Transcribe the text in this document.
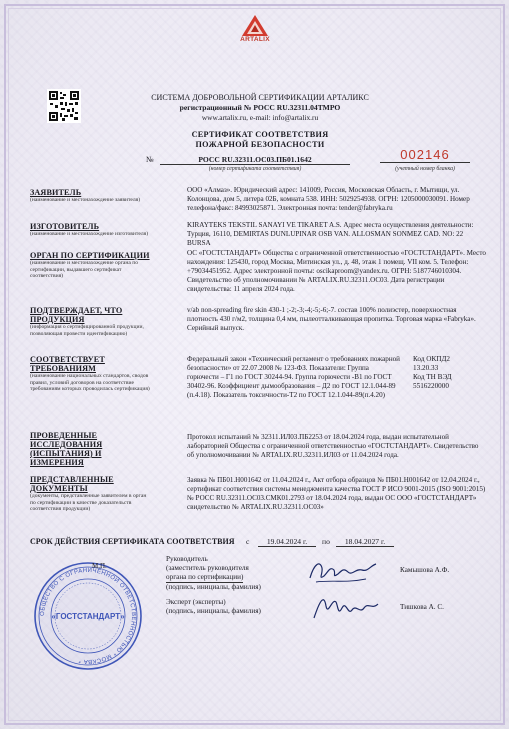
ARTALIX
СИСТЕМА ДОБРОВОЛЬНОЙ СЕРТИФИКАЦИИ АРТАЛИКС
регистрационный № РОСС RU.32311.04ТМРО
www.artalix.ru, e-mail: info@artalix.ru
СЕРТИФИКАТ СООТВЕТСТВИЯ
ПОЖАРНОЙ БЕЗОПАСНОСТИ
№	РОСС RU.32311.ОС03.ПБ01.1642
(номер сертификата соответствия)
002146
(учетный номер бланка)
ЗАЯВИТЕЛЬ
(наименование и местонахождение заявителя)
ООО «Алмаз». Юридический адрес: 141009, Россия, Московская Область, г. Мытищи, ул. Колонцова, дом 5, литера 02Б, комната 538. ИНН: 5029254938. ОГРН: 1205000030091. Номер телефона/факс: 84993025871. Электронная почта: tender@fabryka.ru
ИЗГОТОВИТЕЛЬ
(наименование и местонахождение изготовителя)
KIRAYTEKS TEKSTIL SANAYI VE TIKARET A.S. Адрес места осуществления деятельности: Турция, 16110, DEMIRTAS DUNLUPINAR OSB VAN. ALLOSMAN SONMEZ CAD. NO: 22 BURSA
ОРГАН ПО СЕРТИФИКАЦИИ
(наименование и местонахождение органа по сертификации, выдавшего сертификат соответствия)
ОС «ГОСТСТАНДАРТ» Общества с ограниченной ответственностью «ГОСТСТАНДАРТ». Место нахождения: 125430, город Москва, Митинская ул., д. 48, этаж 1 помещ. VII ком. 5. Телефон: +79034451952. Адрес электронной почты: oscikaproom@yandex.ru. ОГРН: 5187746010304. Свидетельство об уполномочивании № ARTALIX.RU.32311.ОС03. Дата регистрации свидетельства: 11 апреля 2024 года.
ПОДТВЕРЖДАЕТ, ЧТО ПРОДУКЦИЯ
(информация о сертифицированной продукции, позволяющая провести идентификацию)
v/ab non-spreading fire skin 430-1 ;-2;-3;-4;-5;-6;-7. состав 100% полиэстер, поверхностная плотность 430 г/м2, толщина 0,4 мм, пылеотталкивающая пропитка. Торговая марка «Fabryka». Серийный выпуск.
СООТВЕТСТВУЕТ ТРЕБОВАНИЯМ
(наименование национальных стандартов, сводов правил, условий договоров на соответствие требованиям которых проводилась сертификация)
Федеральный закон «Технический регламент о требованиях пожарной безопасности» от 22.07.2008 № 123-ФЗ. Показатели: Группа горючести – Г1 по ГОСТ 30244-94. Группа горючести -В1 по ГОСТ 30402-96. Коэффициент дымообразования – Д2 по ГОСТ 12.1.044-89 (п.4.18). Показатель токсичности-Т2 по ГОСТ 12.1.044-89(п.4.20)
Код ОКПД2
13.20.33
Код ТН ВЭД
5516220000
ПРОВЕДЕННЫЕ ИССЛЕДОВАНИЯ (ИСПЫТАНИЯ) И ИЗМЕРЕНИЯ
Протокол испытаний № 32311.ИЛ03.ПБ2253 от 18.04.2024 года, выдан испытательной лабораторией Общества с ограниченной ответственностью «ГОСТСТАНДАРТ». Свидетельство об уполномочивании № ARTALIX.RU.32311.ИЛ03 от 11.04.2024 года.
ПРЕДСТАВЛЕННЫЕ ДОКУМЕНТЫ
(документы, представленные заявителем в орган по сертификации в качестве доказательств соответствия продукции)
Заявка № ПБ01.Н001642 от 11.04.2024 г., Акт отбора образцов № ПБ01.Н001642 от 12.04.2024 г., сертификат соответствия системы менеджмента качества ГОСТ Р ИСО 9001-2015 (ISO 9001:2015) № РОСС RU.32311.ОС03.СМК01.2793 от 18.04.2024 года, выдан ОС ООО «ГОСТСТАНДАРТ» свидетельство № ARTALIX.RU.32311.ОС03»
СРОК ДЕЙСТВИЯ СЕРТИФИКАТА СООТВЕТСТВИЯ с	19.04.2024 г.	по	18.04.2027 г.
ОБЩЕСТВО С ОГРАНИЧЕННОЙ ОТВЕТСТВЕННОСТЬЮ * МОСКВА *
«ГОСТСТАНДАРТ»
М.П.
Руководитель
(заместитель руководителя
органа по сертификации)
(подпись, инициалы, фамилия)
Камышова А.Ф.
Эксперт (эксперты)
(подпись, инициалы, фамилия)	Тишкова А. С.
